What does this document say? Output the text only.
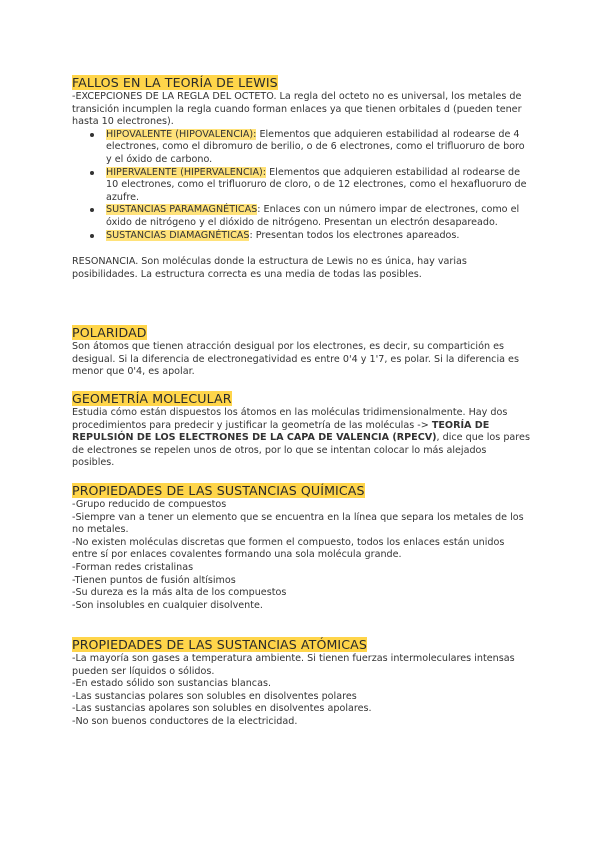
FALLOS EN LA TEORÍA DE LEWIS

-EXCEPCIONES DE LA REGLA DEL OCTETO. La regla del octeto no es universal, los metales de transición incumplen la regla cuando forman enlaces ya que tienen orbitales d (pueden tener hasta 10 electrones).

HIPOVALENTE (HIPOVALENCIA): Elementos que adquieren estabilidad al rodearse de 4 electrones, como el dibromuro de berilio, o de 6 electrones, como el trifluoruro de boro y el óxido de carbono.
HIPERVALENTE (HIPERVALENCIA): Elementos que adquieren estabilidad al rodearse de 10 electrones, como el trifluoruro de cloro, o de 12 electrones, como el hexafluoruro de azufre.
SUSTANCIAS PARAMAGNÉTICAS: Enlaces con un número impar de electrones, como el óxido de nitrógeno y el dióxido de nitrógeno. Presentan un electrón desapareado.
SUSTANCIAS DIAMAGNÉTICAS: Presentan todos los electrones apareados.

RESONANCIA. Son moléculas donde la estructura de Lewis no es única, hay varias posibilidades. La estructura correcta es una media de todas las posibles.

POLARIDAD

Son átomos que tienen atracción desigual por los electrones, es decir, su compartición es desigual. Si la diferencia de electronegatividad es entre 0'4 y 1'7, es polar. Si la diferencia es menor que 0'4, es apolar.

GEOMETRÍA MOLECULAR

Estudia cómo están dispuestos los átomos en las moléculas tridimensionalmente. Hay dos procedimientos para predecir y justificar la geometría de las moléculas -> TEORÍA DE REPULSIÓN DE LOS ELECTRONES DE LA CAPA DE VALENCIA (RPECV), dice que los pares de electrones se repelen unos de otros, por lo que se intentan colocar lo más alejados posibles.

PROPIEDADES DE LAS SUSTANCIAS QUÍMICAS

-Grupo reducido de compuestos

-Siempre van a tener un elemento que se encuentra en la línea que separa los metales de los no metales.

-No existen moléculas discretas que formen el compuesto, todos los enlaces están unidos entre sí por enlaces covalentes formando una sola molécula grande.

-Forman redes cristalinas

-Tienen puntos de fusión altísimos

-Su dureza es la más alta de los compuestos

-Son insolubles en cualquier disolvente.

PROPIEDADES DE LAS SUSTANCIAS ATÓMICAS

-La mayoría son gases a temperatura ambiente. Si tienen fuerzas intermoleculares intensas pueden ser líquidos o sólidos.

-En estado sólido son sustancias blancas.

-Las sustancias polares son solubles en disolventes polares

-Las sustancias apolares son solubles en disolventes apolares.

-No son buenos conductores de la electricidad.
